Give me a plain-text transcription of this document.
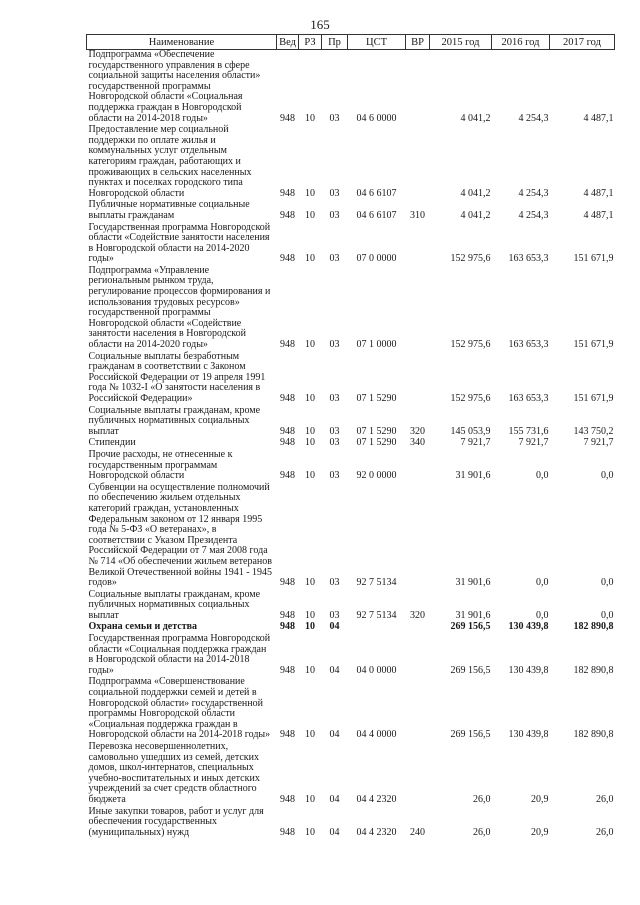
165
Наименование	Вед	РЗ	Пр	ЦСТ	ВР	2015 год	2016 год	2017 год
Подпрограмма «Обеспечение государственного управления в сфере социальной защиты населения области» государственной программы Новгородской области «Социальная поддержка граждан в Новгородской области на 2014-2018 годы»	948	10	03	04 6 0000		4 041,2	4 254,3	4 487,1
Предоставление мер социальной поддержки по оплате жилья и коммунальных услуг отдельным категориям граждан, работающих и проживающих в сельских населенных пунктах и поселках городского типа Новгородской области	948	10	03	04 6 6107		4 041,2	4 254,3	4 487,1
Публичные нормативные социальные выплаты гражданам	948	10	03	04 6 6107	310	4 041,2	4 254,3	4 487,1
Государственная программа Новгородской области «Содействие занятости населения в Новгородской области на 2014-2020 годы»	948	10	03	07 0 0000		152 975,6	163 653,3	151 671,9
Подпрограмма «Управление региональным рынком труда, регулирование процессов формирования и использования трудовых ресурсов» государственной программы Новгородской области «Содействие занятости населения в Новгородской области на 2014-2020 годы»	948	10	03	07 1 0000		152 975,6	163 653,3	151 671,9
Социальные выплаты безработным гражданам в соответствии с Законом Российской Федерации от 19 апреля 1991 года № 1032-I «О занятости населения в Российской Федерации»	948	10	03	07 1 5290		152 975,6	163 653,3	151 671,9
Социальные выплаты гражданам, кроме публичных нормативных социальных выплат	948	10	03	07 1 5290	320	145 053,9	155 731,6	143 750,2
Стипендии	948	10	03	07 1 5290	340	7 921,7	7 921,7	7 921,7
Прочие расходы, не отнесенные к государственным программам Новгородской области	948	10	03	92 0 0000		31 901,6	0,0	0,0
Субвенции на осуществление полномочий по обеспечению жильем отдельных категорий граждан, установленных Федеральным законом от 12 января 1995 года № 5-ФЗ «О ветеранах», в соответствии с Указом Президента Российской Федерации от 7 мая 2008 года № 714 «Об обеспечении жильем ветеранов Великой Отечественной войны 1941 - 1945 годов»	948	10	03	92 7 5134		31 901,6	0,0	0,0
Социальные выплаты гражданам, кроме публичных нормативных социальных выплат	948	10	03	92 7 5134	320	31 901,6	0,0	0,0
Охрана семьи и детства	948	10	04			269 156,5	130 439,8	182 890,8
Государственная программа Новгородской области «Социальная поддержка граждан в Новгородской области на 2014-2018 годы»	948	10	04	04 0 0000		269 156,5	130 439,8	182 890,8
Подпрограмма «Совершенствование социальной поддержки семей и детей в Новгородской области» государственной программы Новгородской области «Социальная поддержка граждан в Новгородской области на 2014-2018 годы»	948	10	04	04 4 0000		269 156,5	130 439,8	182 890,8
Перевозка несовершеннолетних, самовольно ушедших из семей, детских домов, школ-интернатов, специальных учебно-воспитательных и иных детских учреждений за счет средств областного бюджета	948	10	04	04 4 2320		26,0	20,9	26,0
Иные закупки товаров, работ и услуг для обеспечения государственных (муниципальных) нужд	948	10	04	04 4 2320	240	26,0	20,9	26,0
